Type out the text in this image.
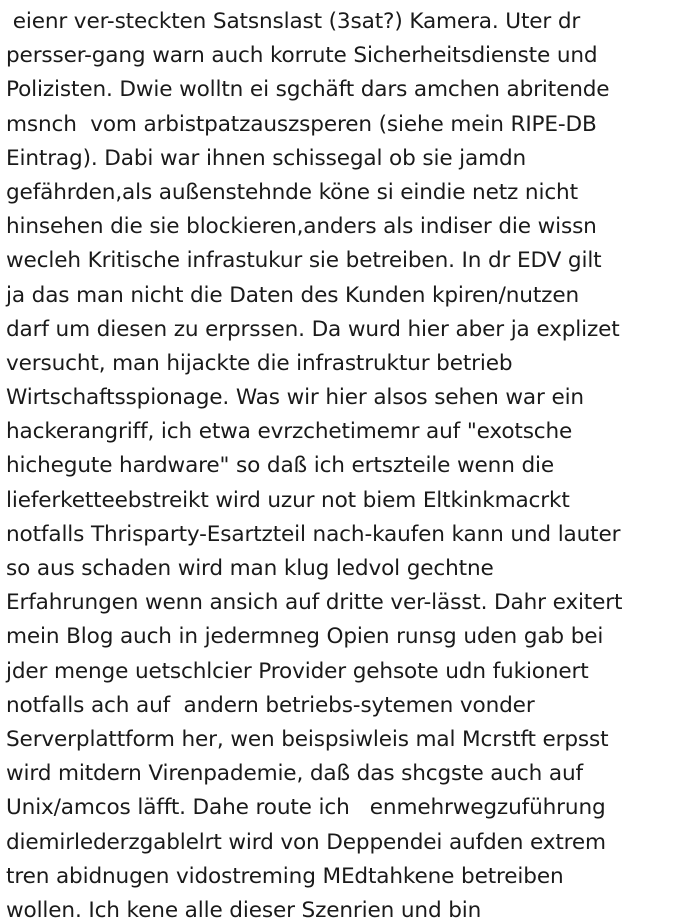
eienr ver-steckten Satsnslast (3sat?) Kamera. Uter dr
persser-gang warn auch korrute Sicherheitsdienste und
Polizisten. Dwie wolltn ei sgchäft dars amchen abritende
msnch  vom arbistpatzauszsperen (siehe mein RIPE-DB
Eintrag). Dabi war ihnen schissegal ob sie jamdn
gefährden,als außenstehnde köne si eindie netz nicht
hinsehen die sie blockieren,anders als indiser die wissn
wecleh Kritische infrastukur sie betreiben. In dr EDV gilt
ja das man nicht die Daten des Kunden kpiren/nutzen
darf um diesen zu erprssen. Da wurd hier aber ja explizet
versucht, man hijackte die infrastruktur betrieb
Wirtschaftsspionage. Was wir hier alsos sehen war ein
hackerangriff, ich etwa evrzchetimemr auf "exotsche
hichegute hardware" so daß ich ertszteile wenn die
lieferketteebstreikt wird uzur not biem Eltkinkmacrkt
notfalls Thrisparty-Esartzteil nach-kaufen kann und lauter
so aus schaden wird man klug ledvol gechtne
Erfahrungen wenn ansich auf dritte ver-lässt. Dahr exitert
mein Blog auch in jedermneg Opien runsg uden gab bei
jder menge uetschlcier Provider gehsote udn fukionert
notfalls ach auf  andern betriebs-sytemen vonder
Serverplattform her, wen beispsiwleis mal Mcrstft erpsst
wird mitdern Virenpademie, daß das shcgste auch auf
Unix/amcos läfft. Dahe route ich   enmehrwegzuführung
diemirlederzgablelrt wird von Deppendei aufden extrem
tren abidnugen vidostreming MEdtahkene betreiben
wollen. Ich kene alle dieser Szenrien und bin
